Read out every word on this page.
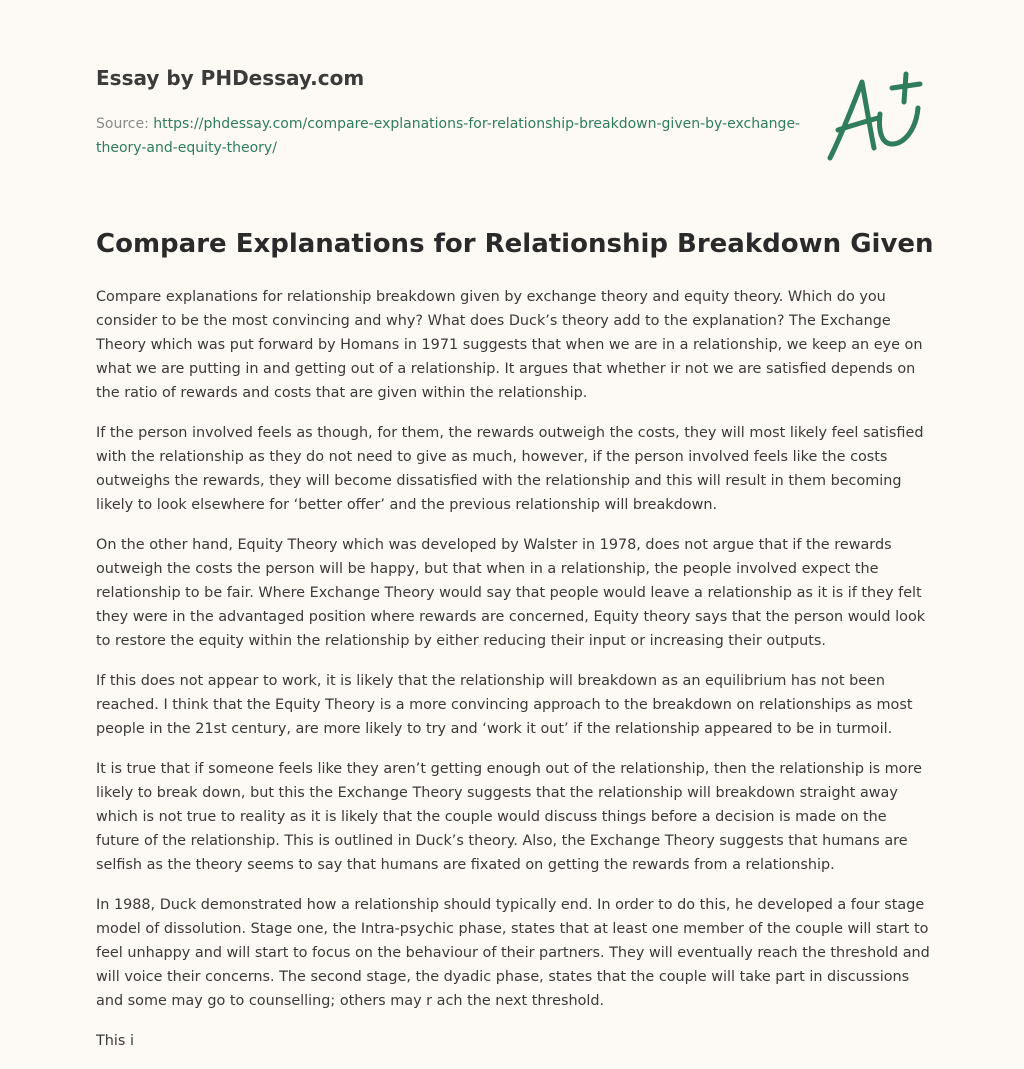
Essay by PHDessay.com
Source: https://phdessay.com/compare-explanations-for-relationship-breakdown-given-by-exchange-theory-and-equity-theory/
Compare Explanations for Relationship Breakdown Given

Compare explanations for relationship breakdown given by exchange theory and equity theory. Which do you consider to be the most convincing and why? What does Duck’s theory add to the explanation? The Exchange Theory which was put forward by Homans in 1971 suggests that when we are in a relationship, we keep an eye on what we are putting in and getting out of a relationship. It argues that whether ir not we are satisfied depends on the ratio of rewards and costs that are given within the relationship.

If the person involved feels as though, for them, the rewards outweigh the costs, they will most likely feel satisfied with the relationship as they do not need to give as much, however, if the person involved feels like the costs outweighs the rewards, they will become dissatisfied with the relationship and this will result in them becoming likely to look elsewhere for ‘better offer’ and the previous relationship will breakdown.

On the other hand, Equity Theory which was developed by Walster in 1978, does not argue that if the rewards outweigh the costs the person will be happy, but that when in a relationship, the people involved expect the relationship to be fair. Where Exchange Theory would say that people would leave a relationship as it is if they felt they were in the advantaged position where rewards are concerned, Equity theory says that the person would look to restore the equity within the relationship by either reducing their input or increasing their outputs.

If this does not appear to work, it is likely that the relationship will breakdown as an equilibrium has not been reached. I think that the Equity Theory is a more convincing approach to the breakdown on relationships as most people in the 21st century, are more likely to try and ‘work it out’ if the relationship appeared to be in turmoil.

It is true that if someone feels like they aren’t getting enough out of the relationship, then the relationship is more likely to break down, but this the Exchange Theory suggests that the relationship will breakdown straight away which is not true to reality as it is likely that the couple would discuss things before a decision is made on the future of the relationship. This is outlined in Duck’s theory. Also, the Exchange Theory suggests that humans are selfish as the theory seems to say that humans are fixated on getting the rewards from a relationship.

In 1988, Duck demonstrated how a relationship should typically end. In order to do this, he developed a four stage model of dissolution. Stage one, the Intra-psychic phase, states that at least one member of the couple will start to feel unhappy and will start to focus on the behaviour of their partners. They will eventually reach the threshold and will voice their concerns. The second stage, the dyadic phase, states that the couple will take part in discussions and some may go to counselling; others may r ach the next threshold.

This i
